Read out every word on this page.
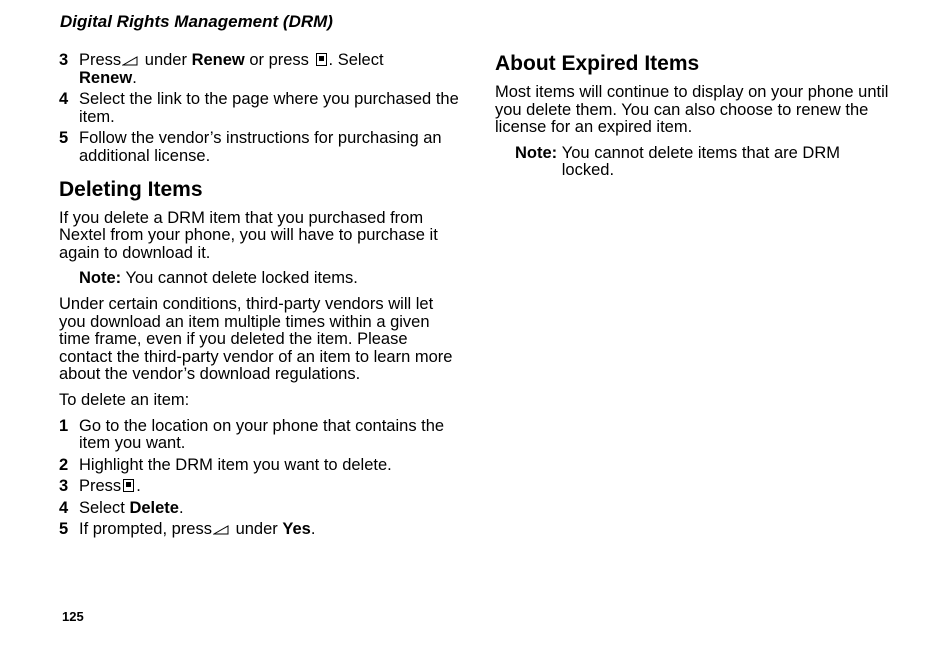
Digital Rights Management (DRM)
3 Press
under Renew or press . Select
Renew.
4 Select the link to the page where you purchased the item.
5 Follow the vendor’s instructions for purchasing an additional license.
Deleting Items

If you delete a DRM item that you purchased from Nextel from your phone, you will have to purchase it again to download it.

Note: You cannot delete locked items.

Under certain conditions, third-party vendors will let you download an item multiple times within a given time frame, even if you deleted the item. Please contact the third-party vendor of an item to learn more about the vendor’s download regulations.

To delete an item:

1 Go to the location on your phone that contains the item you want.
2 Highlight the DRM item you want to delete.
3 Press .
4 Select Delete.
5 If prompted, press
under Yes.
About Expired Items

Most items will continue to display on your phone until you delete them. You can also choose to renew the license for an expired item.

Note: You cannot delete items that are DRM locked.
125
